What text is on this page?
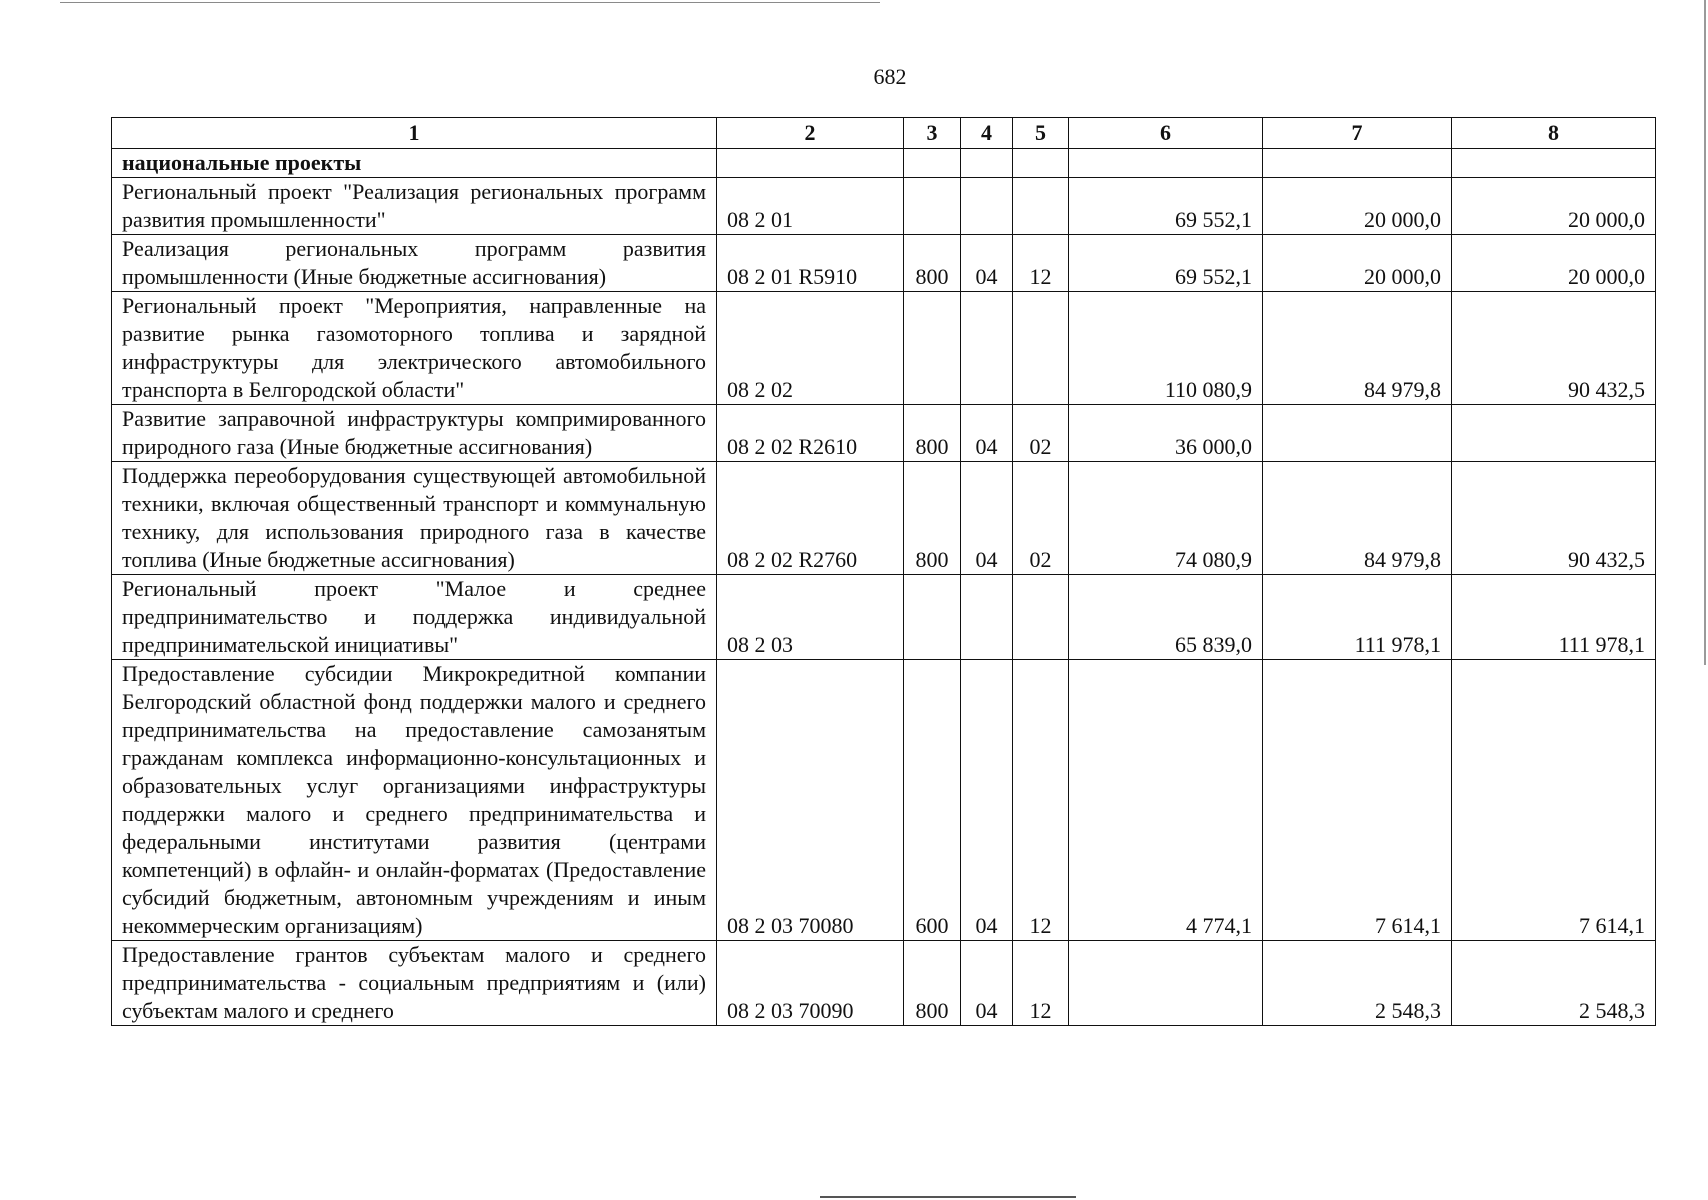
682
1	2	3	4	5	6	7	8
национальные проекты							
Региональный проект "Реализация региональных программ развития промышленности"	08 2 01				69 552,1	20 000,0	20 000,0
Реализация региональных программ развития промышленности (Иные бюджетные ассигнования)	08 2 01 R5910	800	04	12	69 552,1	20 000,0	20 000,0
Региональный проект "Мероприятия, направленные на развитие рынка газомоторного топлива и зарядной инфраструктуры для электрического автомобильного транспорта в Белгородской области"	08 2 02				110 080,9	84 979,8	90 432,5
Развитие заправочной инфраструктуры компримированного природного газа (Иные бюджетные ассигнования)	08 2 02 R2610	800	04	02	36 000,0		
Поддержка переоборудования существующей автомобильной техники, включая общественный транспорт и коммунальную технику, для использования природного газа в качестве топлива (Иные бюджетные ассигнования)	08 2 02 R2760	800	04	02	74 080,9	84 979,8	90 432,5
Региональный проект "Малое и среднее предпринимательство и поддержка индивидуальной предпринимательской инициативы"	08 2 03				65 839,0	111 978,1	111 978,1
Предоставление субсидии Микрокредитной компании Белгородский областной фонд поддержки малого и среднего предпринимательства на предоставление самозанятым гражданам комплекса информационно-консультационных и образовательных услуг организациями инфраструктуры поддержки малого и среднего предпринимательства и федеральными институтами развития (центрами компетенций) в офлайн- и онлайн-форматах (Предоставление субсидий бюджетным, автономным учреждениям и иным некоммерческим организациям)	08 2 03 70080	600	04	12	4 774,1	7 614,1	7 614,1
Предоставление грантов субъектам малого и среднего предпринимательства - социальным предприятиям и (или) субъектам малого и среднего	08 2 03 70090	800	04	12		2 548,3	2 548,3
